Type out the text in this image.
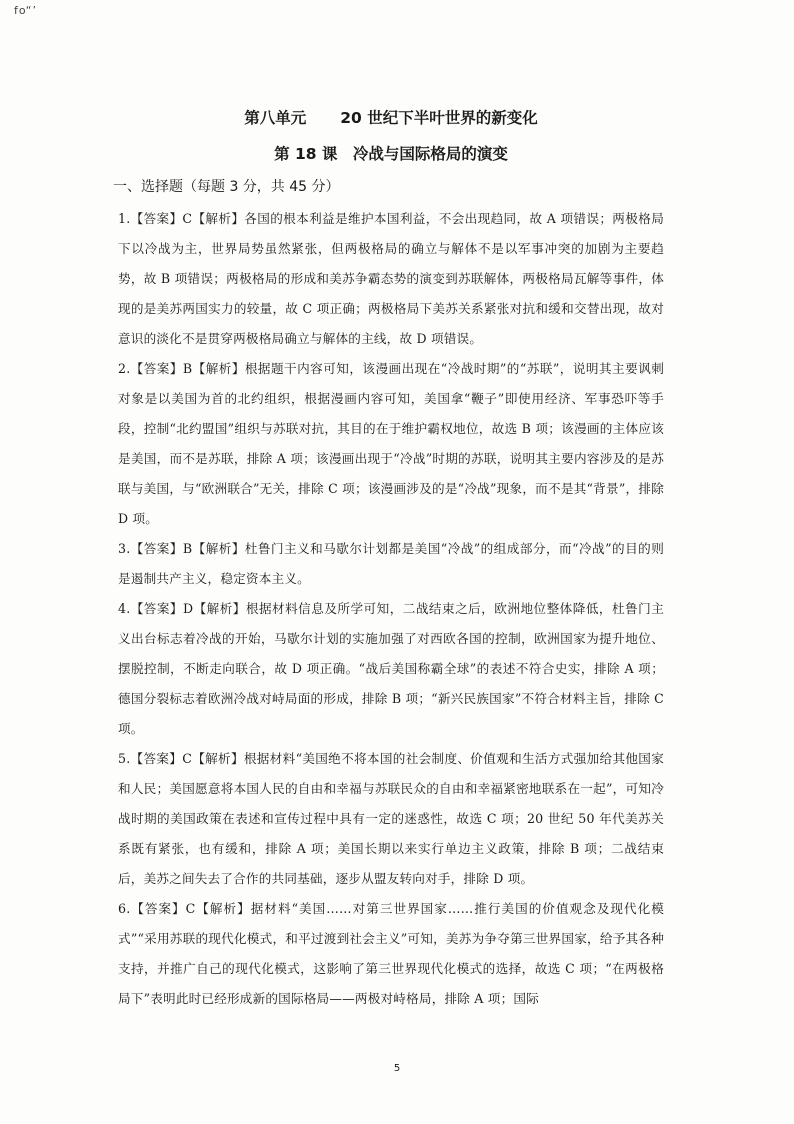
fo“’
第八单元 20 世纪下半叶世界的新变化
第 18 课　冷战与国际格局的演变
一、选择题（每题 3 分，共 45 分）

1.【答案】C【解析】各国的根本利益是维护本国利益，不会出现趋同，故 A 项错误；两极格局下以冷战为主，世界局势虽然紧张，但两极格局的确立与解体不是以军事冲突的加剧为主要趋势，故 B 项错误；两极格局的形成和美苏争霸态势的演变到苏联解体，两极格局瓦解等事件，体现的是美苏两国实力的较量，故 C 项正确；两极格局下美苏关系紧张对抗和缓和交替出现，故对意识的淡化不是贯穿两极格局确立与解体的主线，故 D 项错误。

2.【答案】B【解析】根据题干内容可知，该漫画出现在“冷战时期”的“苏联”，说明其主要讽刺对象是以美国为首的北约组织，根据漫画内容可知，美国拿“鞭子”即使用经济、军事恐吓等手段，控制“北约盟国”组织与苏联对抗，其目的在于维护霸权地位，故选 B 项；该漫画的主体应该是美国，而不是苏联，排除 A 项；该漫画出现于“冷战”时期的苏联，说明其主要内容涉及的是苏联与美国，与“欧洲联合”无关，排除 C 项；该漫画涉及的是“冷战”现象，而不是其“背景”，排除 D 项。

3.【答案】B【解析】杜鲁门主义和马歇尔计划都是美国“冷战”的组成部分，而“冷战”的目的则是遏制共产主义，稳定资本主义。

4.【答案】D【解析】根据材料信息及所学可知，二战结束之后，欧洲地位整体降低，杜鲁门主义出台标志着冷战的开始，马歇尔计划的实施加强了对西欧各国的控制，欧洲国家为提升地位、摆脱控制，不断走向联合，故 D 项正确。“战后美国称霸全球”的表述不符合史实，排除 A 项；德国分裂标志着欧洲冷战对峙局面的形成，排除 B 项；“新兴民族国家”不符合材料主旨，排除 C 项。

5.【答案】C【解析】根据材料“美国绝不将本国的社会制度、价值观和生活方式强加给其他国家和人民；美国愿意将本国人民的自由和幸福与苏联民众的自由和幸福紧密地联系在一起”，可知冷战时期的美国政策在表述和宣传过程中具有一定的迷惑性，故选 C 项；20 世纪 50 年代美苏关系既有紧张，也有缓和，排除 A 项；美国长期以来实行单边主义政策，排除 B 项；二战结束后，美苏之间失去了合作的共同基础，逐步从盟友转向对手，排除 D 项。

6.【答案】C【解析】据材料“美国……对第三世界国家……推行美国的价值观念及现代化模式”“采用苏联的现代化模式，和平过渡到社会主义”可知，美苏为争夺第三世界国家，给予其各种支持，并推广自己的现代化模式，这影响了第三世界现代化模式的选择，故选 C 项；“在两极格局下”表明此时已经形成新的国际格局——两极对峙格局，排除 A 项；国际

5
